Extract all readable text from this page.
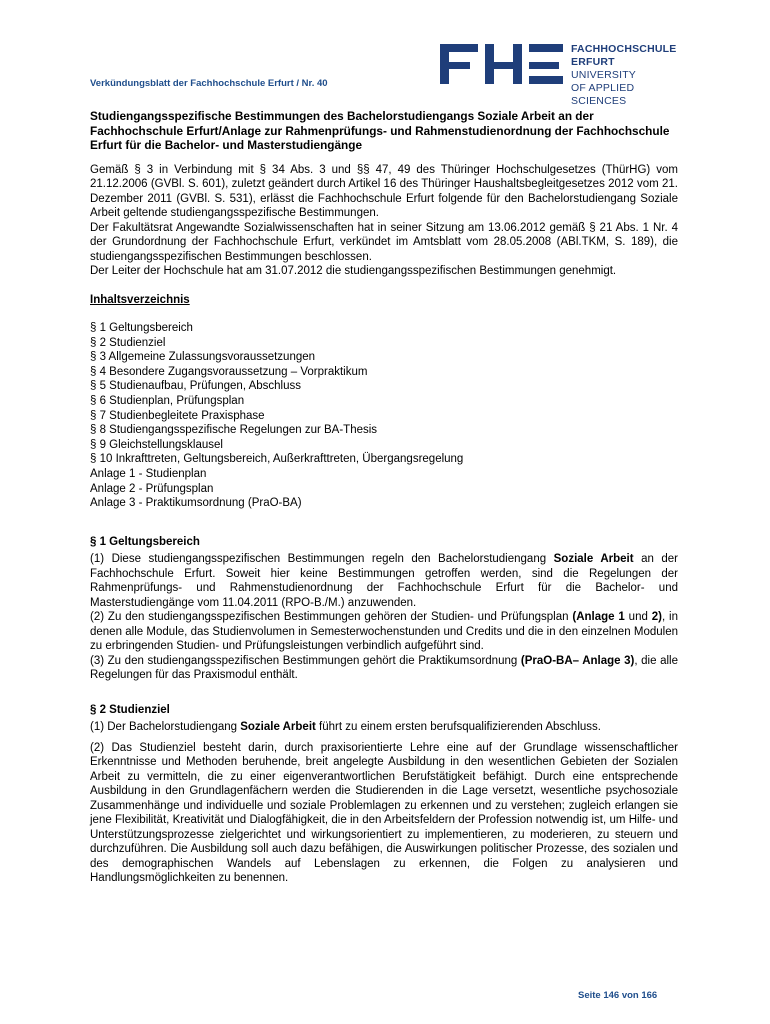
Verkündungsblatt der Fachhochschule Erfurt / Nr. 40
FACHHOCHSCHULE
ERFURT UNIVERSITY
OF APPLIED SCIENCES
Studiengangsspezifische Bestimmungen des Bachelorstudiengangs Soziale Arbeit an der Fachhochschule Erfurt/Anlage zur Rahmenprüfungs- und Rahmenstudienordnung der Fachhochschule Erfurt für die Bachelor- und Masterstudiengänge

Gemäß § 3 in Verbindung mit § 34 Abs. 3 und §§ 47, 49 des Thüringer Hochschulgesetzes (ThürHG) vom 21.12.2006 (GVBl. S. 601), zuletzt geändert durch Artikel 16 des Thüringer Haushaltsbegleitgesetzes 2012 vom 21. Dezember 2011 (GVBl. S. 531), erlässt die Fachhochschule Erfurt folgende für den Bachelorstudiengang Soziale Arbeit geltende studiengangsspezifische Bestimmungen.

Der Fakultätsrat Angewandte Sozialwissenschaften hat in seiner Sitzung am 13.06.2012 gemäß § 21 Abs. 1 Nr. 4 der Grundordnung der Fachhochschule Erfurt, verkündet im Amtsblatt vom 28.05.2008 (ABl.TKM, S. 189), die studiengangsspezifischen Bestimmungen beschlossen.

Der Leiter der Hochschule hat am 31.07.2012 die studiengangsspezifischen Bestimmungen genehmigt.

Inhaltsverzeichnis
§ 1 Geltungsbereich
§ 2 Studienziel
§ 3 Allgemeine Zulassungsvoraussetzungen
§ 4 Besondere Zugangsvoraussetzung – Vorpraktikum
§ 5 Studienaufbau, Prüfungen, Abschluss
§ 6 Studienplan, Prüfungsplan
§ 7 Studienbegleitete Praxisphase
§ 8 Studiengangsspezifische Regelungen zur BA-Thesis
§ 9 Gleichstellungsklausel
§ 10 Inkrafttreten, Geltungsbereich, Außerkrafttreten, Übergangsregelung
Anlage 1 - Studienplan
Anlage 2 - Prüfungsplan
Anlage 3 - Praktikumsordnung (PraO-BA)
§ 1 Geltungsbereich

(1) Diese studiengangsspezifischen Bestimmungen regeln den Bachelorstudiengang Soziale Arbeit an der Fachhochschule Erfurt. Soweit hier keine Bestimmungen getroffen werden, sind die Regelungen der Rahmenprüfungs- und Rahmenstudienordnung der Fachhochschule Erfurt für die Bachelor- und Masterstudiengänge vom 11.04.2011 (RPO-B./M.) anzuwenden.

(2) Zu den studiengangsspezifischen Bestimmungen gehören der Studien- und Prüfungsplan (Anlage 1 und 2), in denen alle Module, das Studienvolumen in Semesterwochenstunden und Credits und die in den einzelnen Modulen zu erbringenden Studien- und Prüfungsleistungen verbindlich aufgeführt sind.

(3) Zu den studiengangsspezifischen Bestimmungen gehört die Praktikumsordnung (PraO-BA– Anlage 3), die alle Regelungen für das Praxismodul enthält.

§ 2 Studienziel

(1) Der Bachelorstudiengang Soziale Arbeit führt zu einem ersten berufsqualifizierenden Abschluss.

(2) Das Studienziel besteht darin, durch praxisorientierte Lehre eine auf der Grundlage wissenschaftlicher Erkenntnisse und Methoden beruhende, breit angelegte Ausbildung in den wesentlichen Gebieten der Sozialen Arbeit zu vermitteln, die zu einer eigenverantwortlichen Berufstätigkeit befähigt. Durch eine entsprechende Ausbildung in den Grundlagenfächern werden die Studierenden in die Lage versetzt, wesentliche psychosoziale Zusammenhänge und individuelle und soziale Problemlagen zu erkennen und zu verstehen; zugleich erlangen sie jene Flexibilität, Kreativität und Dialogfähigkeit, die in den Arbeitsfeldern der Profession notwendig ist, um Hilfe- und Unterstützungsprozesse zielgerichtet und wirkungsorientiert zu implementieren, zu moderieren, zu steuern und durchzuführen. Die Ausbildung soll auch dazu befähigen, die Auswirkungen politischer Prozesse, des sozialen und des demographischen Wandels auf Lebenslagen zu erkennen, die Folgen zu analysieren und Handlungsmöglichkeiten zu benennen.

Seite 146 von 166
